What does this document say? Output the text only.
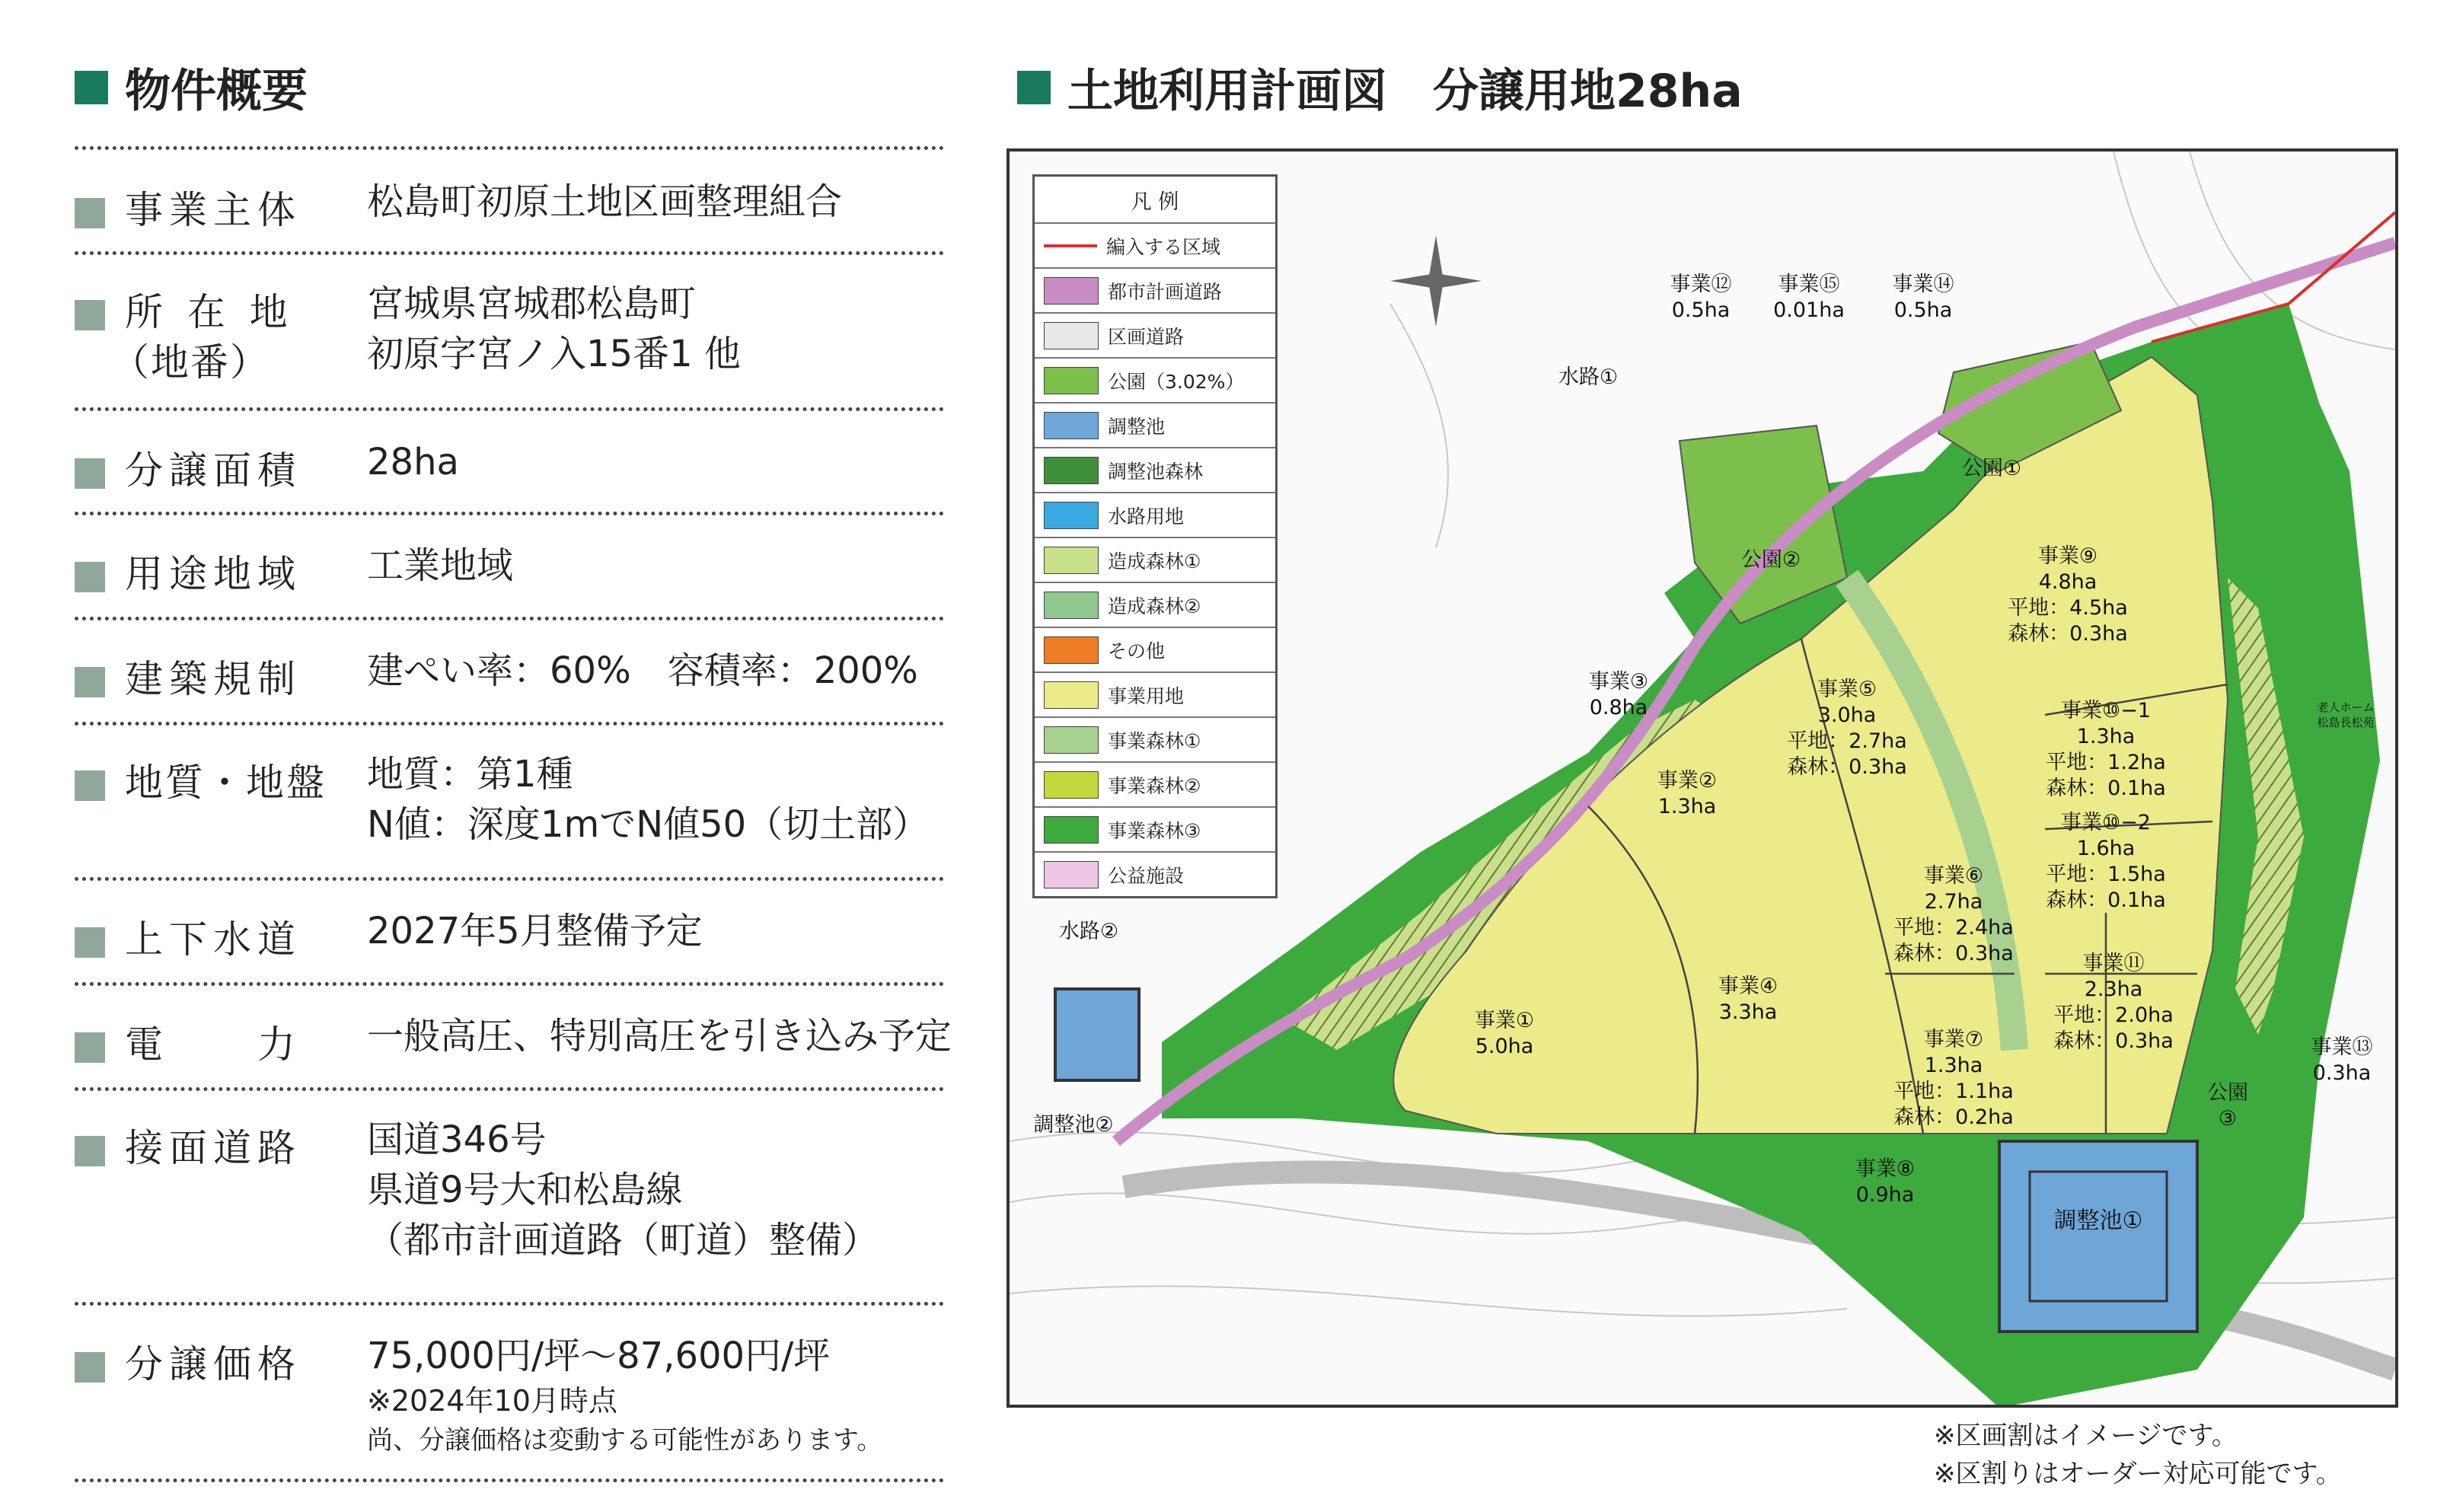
物件概要
事業主体 松島町初原土地区画整理組合
所 在 地
（地番）
宮城県宮城郡松島町
初原字宮ノ入15番1 他
分譲面積 28ha
用途地域 工業地域
建築規制 建ぺい率：60%　容積率：200%
地質・地盤 地質：第1種
N値：深度1mでN値50（切土部）
上下水道 2027年5月整備予定
電　　力 一般高圧、特別高圧を引き込み予定
接面道路 国道346号
県道9号大和松島線
（都市計画道路（町道）整備）
分譲価格 75,000円/坪～87,600円/坪
※2024年10月時点
尚、分譲価格は変動する可能性があります。
土地利用計画図　分譲用地28ha
凡 例
編入する区域
都市計画道路
区画道路
公園（3.02%）
調整池
調整池森林
水路用地
造成森林①
造成森林②
その他
事業用地
事業森林①
事業森林②
事業森林③
公益施設
事業⑫
0.5ha
事業⑮
0.01ha
事業⑭
0.5ha
水路①
公園①
公園②	事業⑨
4.8ha
平地：4.5ha
森林：0.3ha
事業③
0.8ha
事業⑤
3.0ha
平地：2.7ha
森林：0.3ha
事業⑩−1
1.3ha
平地：1.2ha
森林：0.1ha
事業②
1.3ha
事業⑩−2
1.6ha
平地：1.5ha
森林：0.1ha
事業⑥
2.7ha
平地：2.4ha
森林：0.3ha
水路②
事業①
5.0ha
事業④
3.3ha
事業⑪
2.3ha
平地：2.0ha
森林：0.3ha	事業⑬
0.3ha
事業⑦
1.3ha
平地：1.1ha
森林：0.2ha
公園
③
調整池②
事業⑧
0.9ha
調整池①
老人ホーム
松島長松苑
※区画割はイメージです。
※区割りはオーダー対応可能です。
